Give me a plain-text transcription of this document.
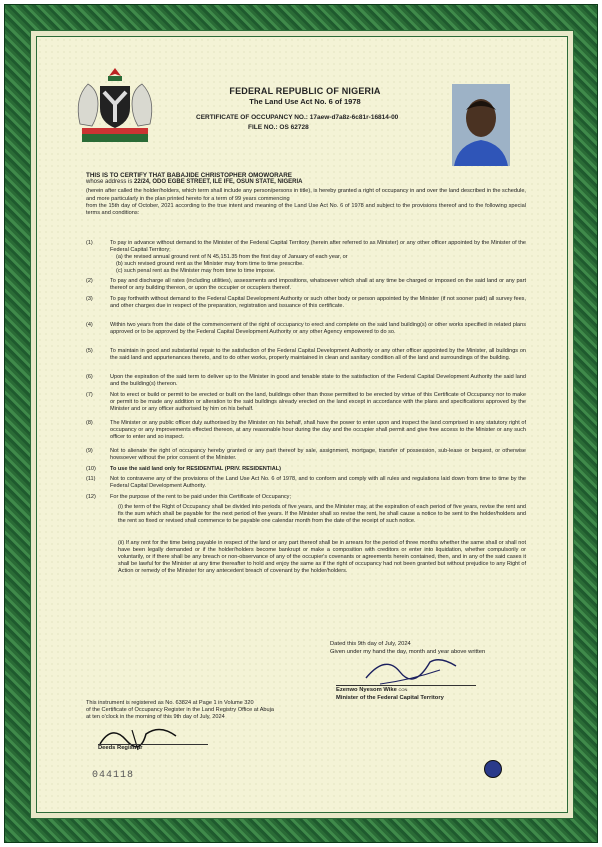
FEDERAL REPUBLIC OF NIGERIA
The Land Use Act No. 6 of 1978
CERTIFICATE OF OCCUPANCY NO.: 17aew-d7a8z-6c81r-16814-00
FILE NO.: OS 62728

THIS IS TO CERTIFY THAT BABAJIDE CHRISTOPHER OMOWORARE

whose address is 22/24, ODO EGBE STREET, ILE IFE, OSUN STATE, NIGERIA

(herein after called the holder/holders, which term shall include any person/persons in title), is hereby granted a right of occupancy in and over the land described in the schedule, and more particularly in the plan printed hereto for a term of 99 years commencing

from the 15th day of October, 2021 according to the true intent and meaning of the Land Use Act No. 6 of 1978 and subject to the provisions thereof and to the following special terms and conditions:

(1)	To pay in advance without demand to the Minister of the Federal Capital Territory (herein after referred to as Minister) or any other officer appointed by the Minister of the Federal Capital Territory;
(a) the revised annual ground rent of N 45,151.35 from the first day of January of each year, or
(b) such revised ground rent as the Minister may from time to time prescribe.
(c) such penal rent as the Minister may from time to time impose.
(2)	To pay and discharge all rates (including utilities), assessments and impositions, whatsoever which shall at any time be charged or imposed on the said land or any part thereof or any building thereon, or upon the occupier or occupiers thereof.
(3)	To pay forthwith without demand to the Federal Capital Development Authority or such other body or person appointed by the Minister (if not sooner paid) all survey fees, and other charges due in respect of the preparation, registration and issuance of this certificate.
(4)	Within two years from the date of the commencement of the right of occupancy to erect and complete on the said land building(s) or other works specified in related plans approved or to be approved by the Federal Capital Development Authority or any other Agency empowered to do so.
(5)	To maintain in good and substantial repair to the satisfaction of the Federal Capital Development Authority or any other officer appointed by the Minister, all buildings on the said land and appurtenances thereto, and to do other works, properly maintained in clean and sanitary condition all of the land and surroundings of the building.
(6)	Upon the expiration of the said term to deliver up to the Minister in good and tenable state to the satisfaction of the Federal Capital Development Authority the said land and the building(s) thereon.
(7)	Not to erect or build or permit to be erected or built on the land, buildings other than those permitted to be erected by virtue of this Certificate of Occupancy nor to make or permit to be made any addition or alteration to the said buildings already erected on the land except in accordance with the plans and specifications approved by the Minister and or any officer authorised by him on his behalf.
(8)	The Minister or any public officer duly authorised by the Minister on his behalf, shall have the power to enter upon and inspect the land comprised in any statutory right of occupancy or any improvements effected thereon, at any reasonable hour during the day and the occupier shall permit and give free access to the Minister or any such officer to enter and so inspect.
(9)	Not to alienate the right of occupancy hereby granted or any part thereof by sale, assignment, mortgage, transfer of possession, sub-lease or bequest, or otherwise howsoever without the prior consent of the Minister.
(10)	To use the said land only for RESIDENTIAL (PRIV. RESIDENTIAL)
(11)	Not to contravene any of the provisions of the Land Use Act No. 6 of 1978, and to conform and comply with all rules and regulations laid down from time to time by the Federal Capital Development Authority.
(12)	For the purpose of the rent to be paid under this Certificate of Occupancy;
(i) the term of the Right of Occupancy shall be divided into periods of five years, and the Minister may, at the expiration of each period of five years, revise the rent and fix the sum which shall be payable for the next period of five years. If the Minister shall so revise the rent, he shall cause a notice to be sent to the holder/holders and the rent so fixed or revised shall commence to be payable one calendar month from the date of the receipt of such notice.
(ii) If any rent for the time being payable in respect of the land or any part thereof shall be in arrears for the period of three months whether the same shall or shall not have been legally demanded or if the holder/holders become bankrupt or make a composition with creditors or enter into liquidation, whether compulsorily or voluntarily, or if there shall be any breach or non-observance of any of the occupier's covenants or agreements herein contained, then, and in any of the said cases it shall be lawful for the Minister at any time thereafter to hold and enjoy the same as if the right of occupancy had not been granted but without prejudice to any Right of Action or remedy of the Minister for any antecedent breach of covenant by the holder/holders.
Dated this 9th day of July, 2024
Given under my hand the day, month and year above written
Ezenwo Nyesom Wike CON
Minister of the Federal Capital Territory
This instrument is registered as No. 63824 at Page 1 in Volume 320
of the Certificate of Occupancy Register in the Land Registry Office at Abuja
at ten o'clock in the morning of this 9th day of July, 2024
Deeds Registrar
044118
